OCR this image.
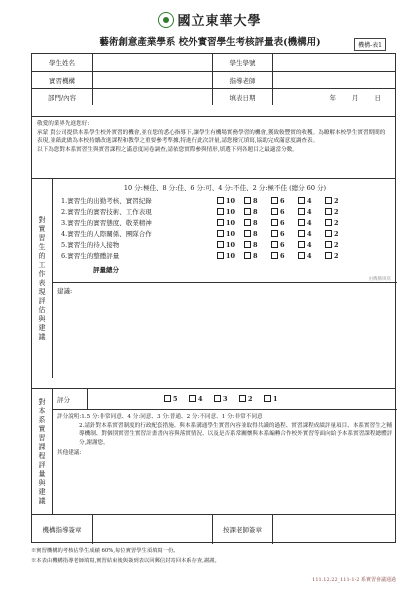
國立東華大學
藝術創意產業學系 校外實習學生考核評量表(機構用)	機構-表1
學生姓名	學生學號
實習機構	指導老師
部門/內容	填表日期	年 月 日
敬愛的業界先進您好:
承蒙 貴公司提供本系學生校外實習的機會,並在您的悉心指導下,讓學生有機場實務學習的機會,獲致較豐實的收穫。為瞭解本校學生實習期間的表現,並藉此做為本校持續改進課程和教學之重要參考準據,特進行此次評量,請您撥冗填寫,協助完成滿意度調查表。
以下為您對本系實習生與實習課程之滿意度同卷調查,請依您實際參與情形,填選下列各題目之最適當分數。
對實習生的工作表現評估與建議
10 分:極佳、8 分:佳、6 分:可、4 分:不佳、2 分:極不佳 (總分 60 分)
1.實習生的出勤考核、實習紀錄	10	8	6	4	2
2.實習生的實習技術、工作表現	10	8	6	4	2
3.實習生的實習態度、敬業精神	10	8	6	4	2
4.實習生的人際關係、團隊合作	10	8	6	4	2
5.實習生的待人接物	10	8	6	4	2
6.實習生的整體評量	10	8	6	4	2
評量總分
由機構填寫
建議:
對本系實習課程評量與建議	評分	5	4	3	2	1
評分說明:1.5 分:非常同意、4 分:同意、3 分:普通、2 分:不同意、1 分:非常不同意
2.請針對本系實習制度的行政配套措施、與本系溝通學生實習內容並取得共識的過程、實習課程成績評量項目、本系實習生之輔導機制、對個別實習生實習計畫書內容與落實情況、以及是否系常關懷與本系編轉合作校外實習等面向給予本系實習課程總體評分,謝謝您。
其他建議:
機構指導簽章	按課老師簽章
※實習機構的考核佔學生成績 60%,每位實習學生須填寫一份。
※本表由機構指導老師填寫,實習結束後與簽到表以回郵信封寄回本系存查,謝謝。
111.12.22_111-1-2 系實習會議通過
